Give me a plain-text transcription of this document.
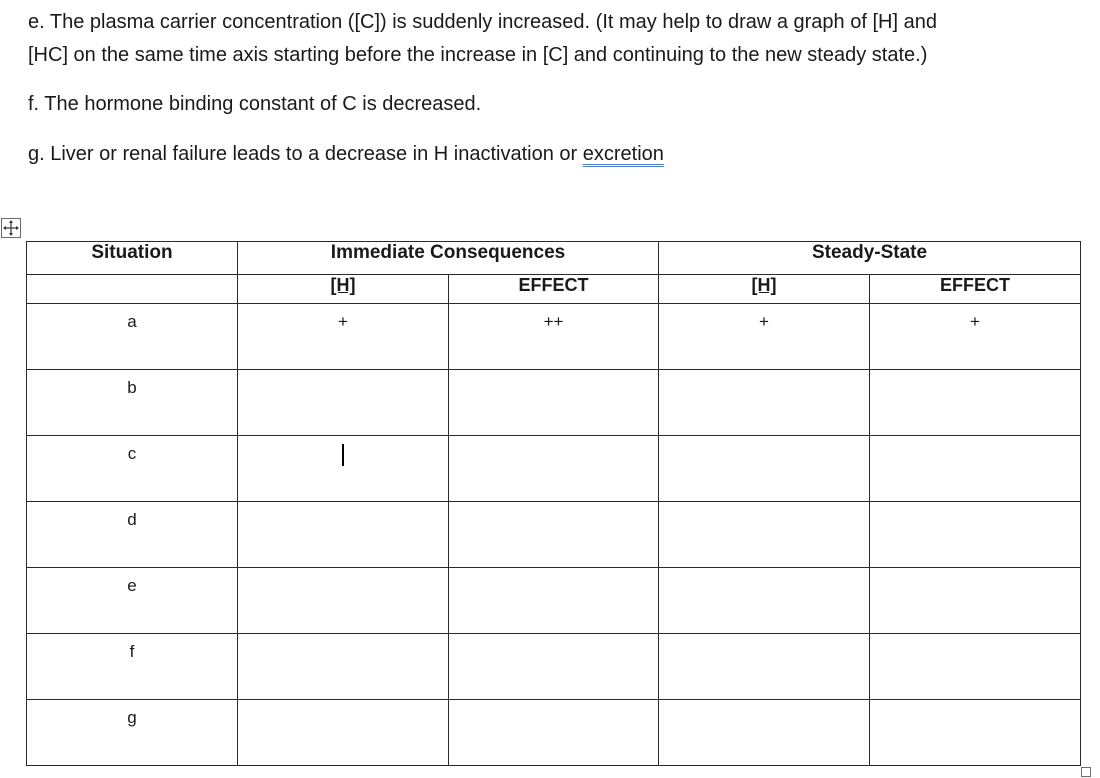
e. The plasma carrier concentration ([C]) is suddenly increased. (It may help to draw a graph of [H] and
[HC] on the same time axis starting before the increase in [C] and continuing to the new steady state.)

f. The hormone binding constant of C is decreased.

g. Liver or renal failure leads to a decrease in H inactivation or excretion

Situation	Immediate Consequences		Steady-State	
	[H]	EFFECT	[H]	EFFECT

a	+	++	+	+

b				

c				

d				

e				

f				

g				
